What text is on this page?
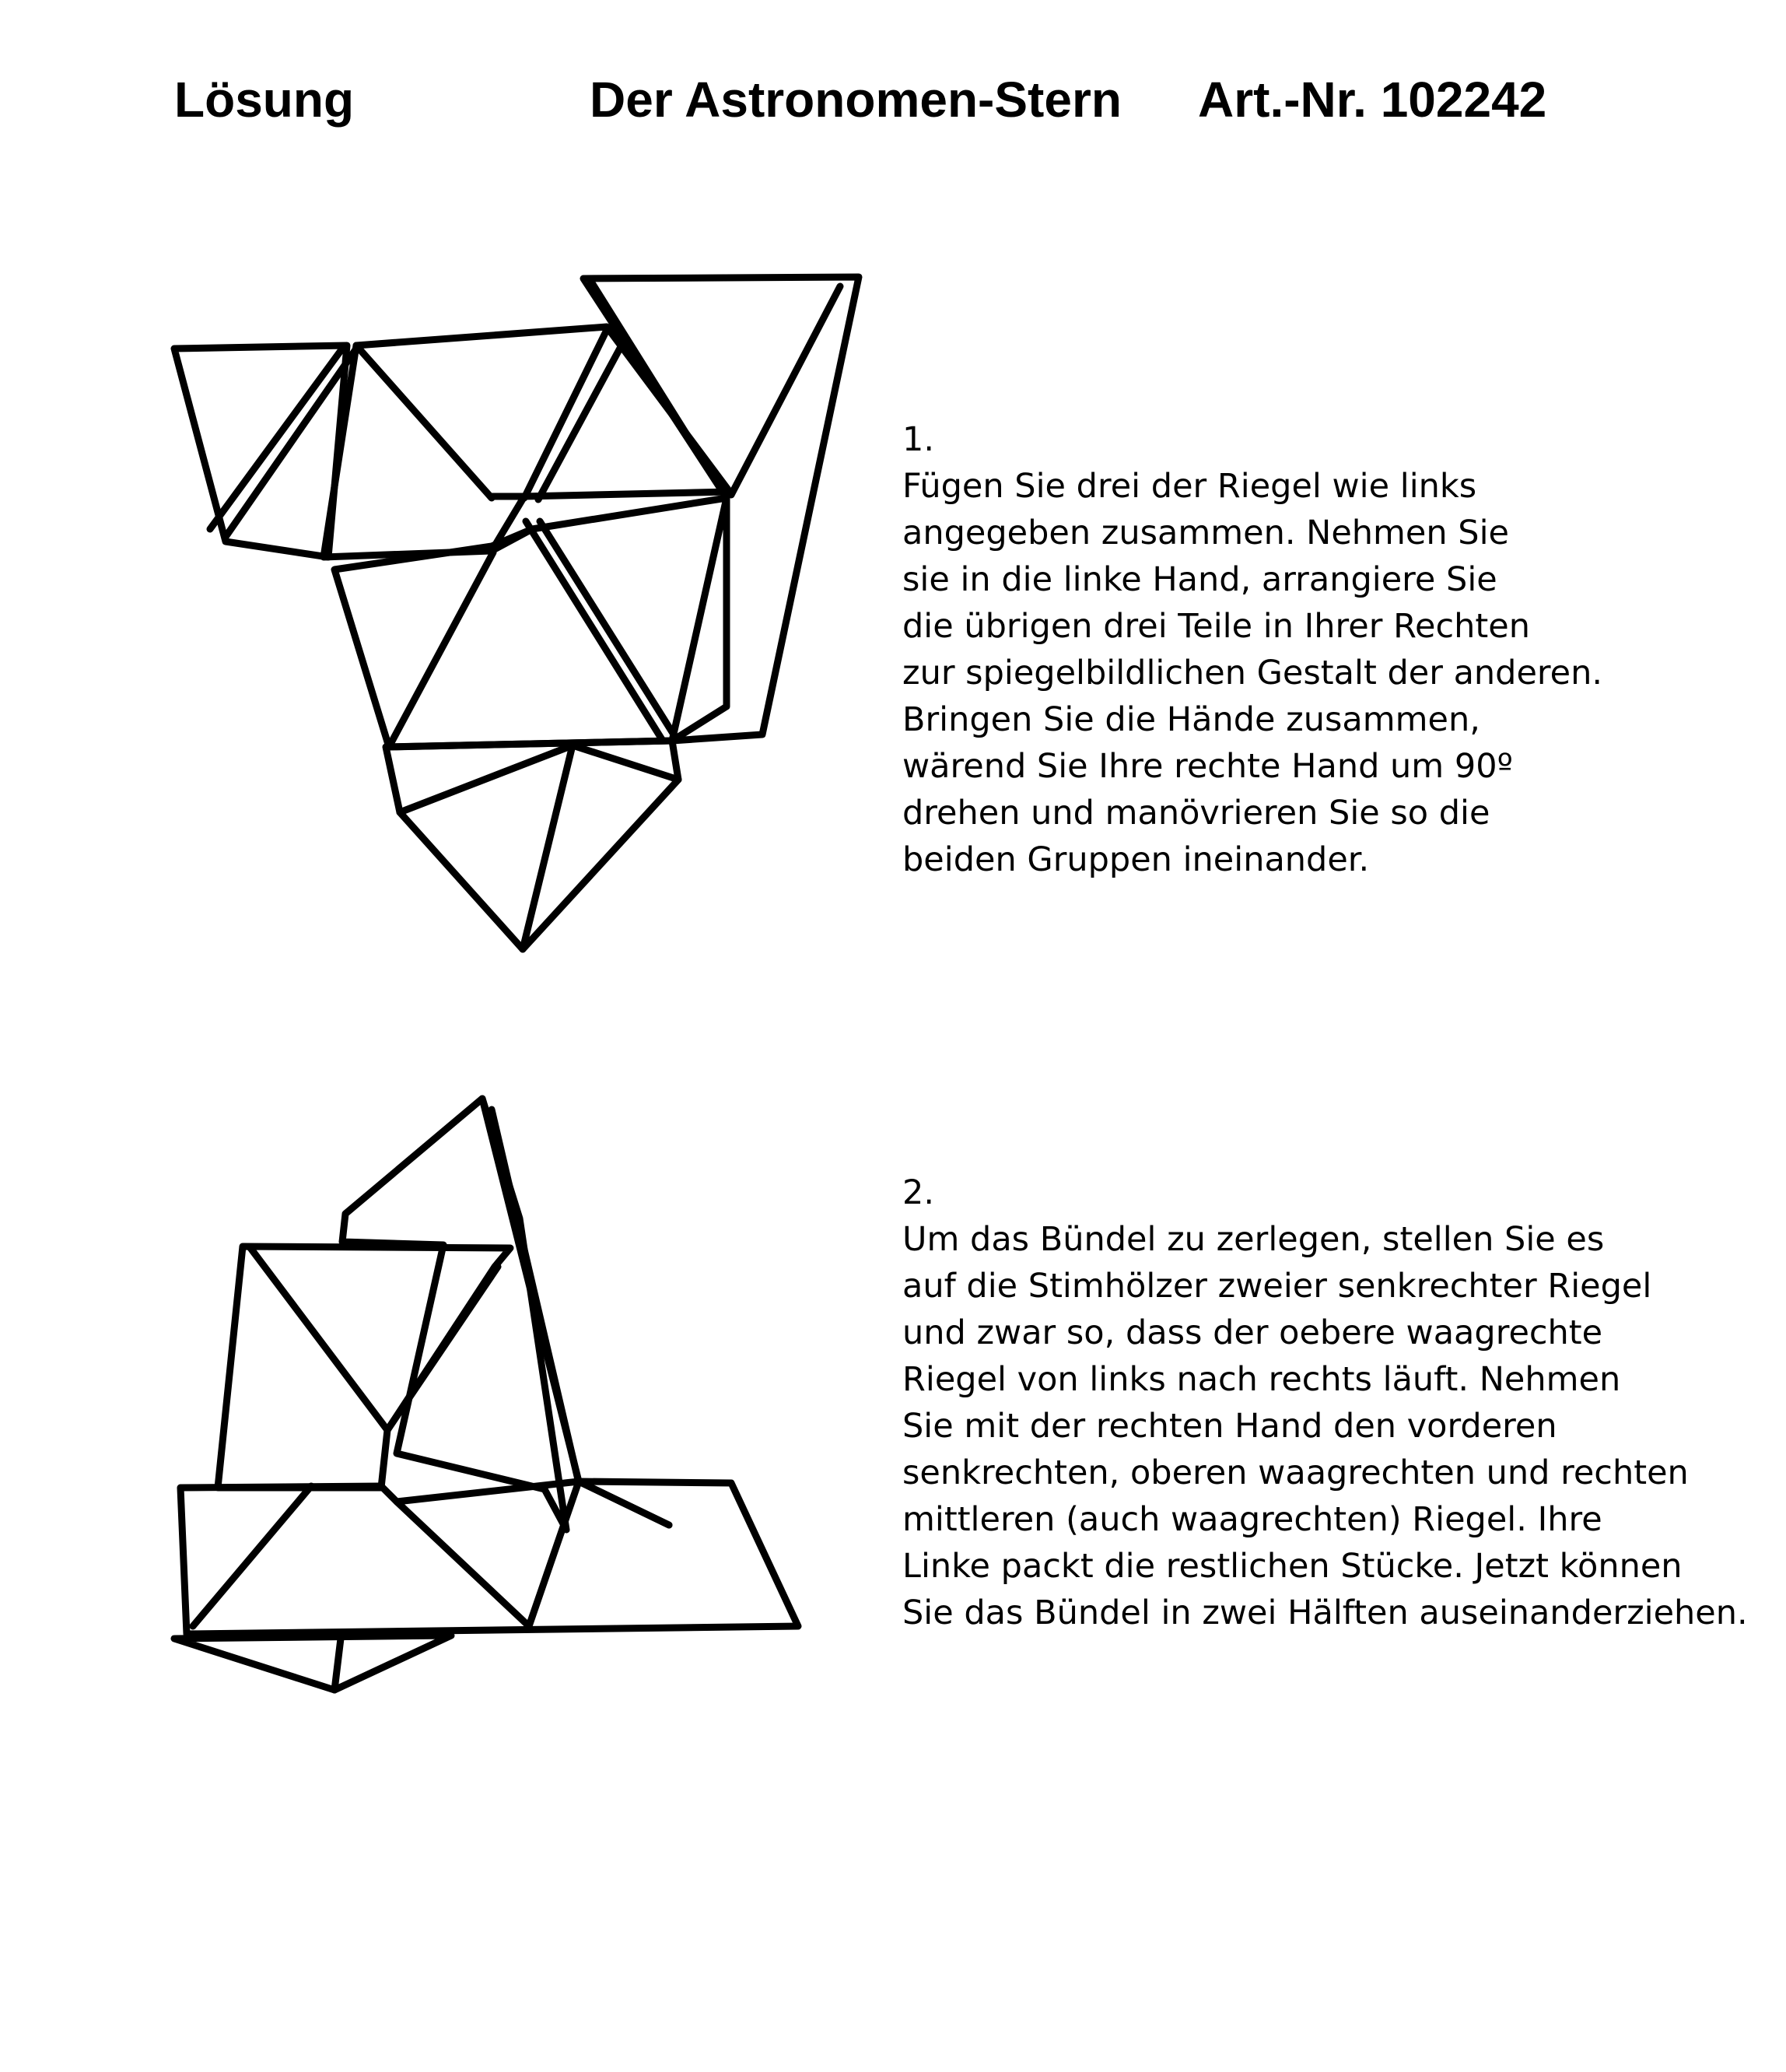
Lösung	Der Astronomen-Stern Art.-Nr. 102242
1.
Fügen Sie drei der Riegel wie links
angegeben zusammen. Nehmen Sie
sie in die linke Hand, arrangiere Sie
die übrigen drei Teile in Ihrer Rechten
zur spiegelbildlichen Gestalt der anderen.
Bringen Sie die Hände zusammen,
wärend Sie Ihre rechte Hand um 90º
drehen und manövrieren Sie so die
beiden Gruppen ineinander.
2.
Um das Bündel zu zerlegen, stellen Sie es
auf die Stimhölzer zweier senkrechter Riegel
und zwar so, dass der oebere waagrechte
Riegel von links nach rechts läuft. Nehmen
Sie mit der rechten Hand den vorderen
senkrechten, oberen waagrechten und rechten
mittleren (auch waagrechten) Riegel. Ihre
Linke packt die restlichen Stücke. Jetzt können
Sie das Bündel in zwei Hälften auseinanderziehen.
